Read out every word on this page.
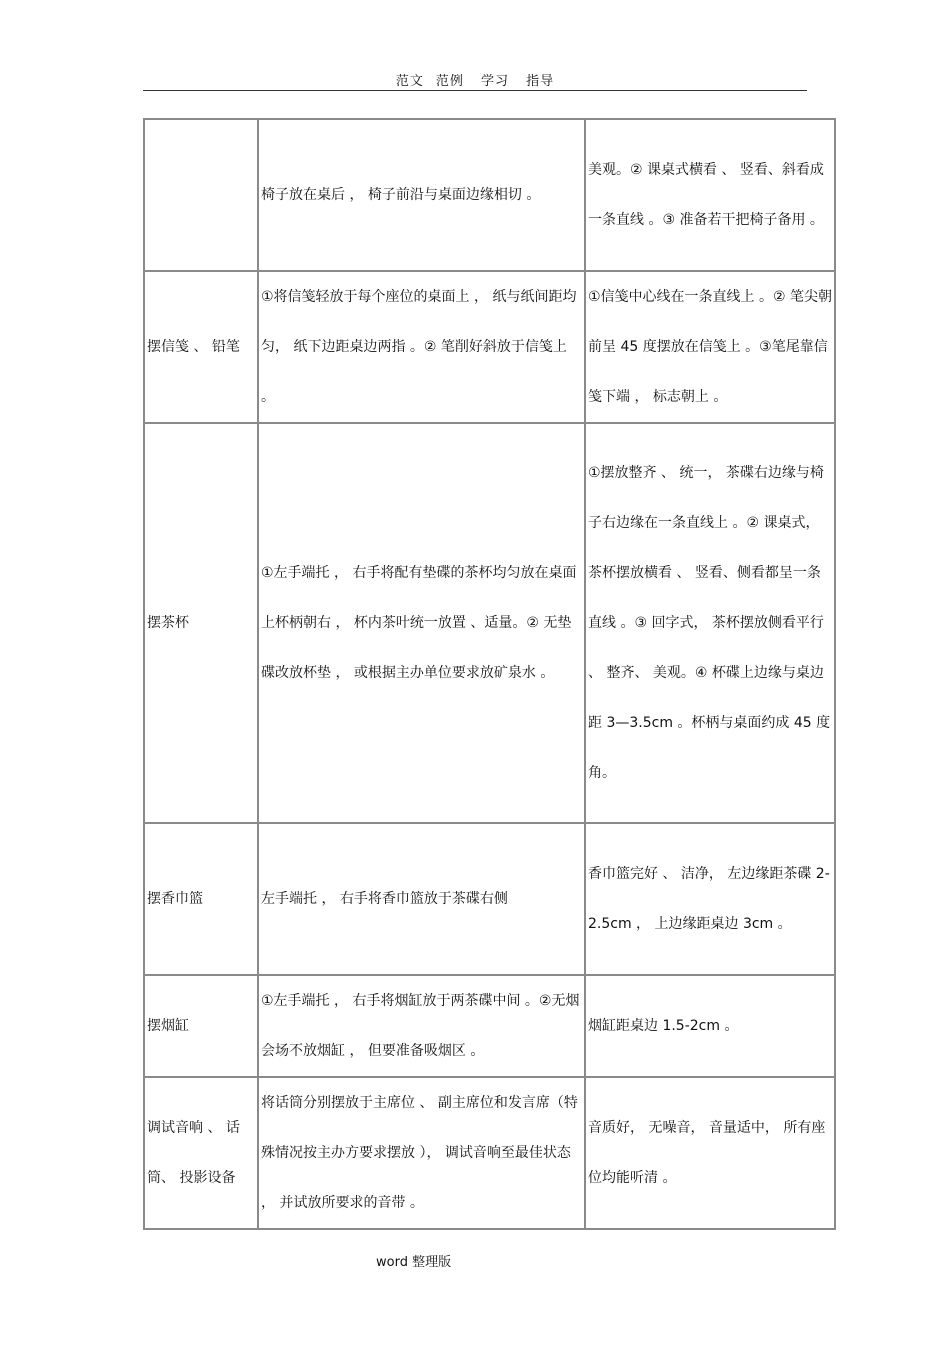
范文 范例 学习 指导
	椅子放在桌后 ， 椅子前沿与桌面边缘相切 。	美观。② 课桌式横看 、 竖看、斜看成一条直线 。③ 准备若干把椅子备用 。
摆信笺 、 铅笔	①将信笺轻放于每个座位的桌面上 ， 纸与纸间距均匀， 纸下边距桌边两指 。② 笔削好斜放于信笺上 。	①信笺中心线在一条直线上 。② 笔尖朝前呈 45 度摆放在信笺上 。③笔尾靠信笺下端 ， 标志朝上 。
摆茶杯	①左手端托 ， 右手将配有垫碟的茶杯均匀放在桌面上杯柄朝右 ， 杯内茶叶统一放置 、适量。② 无垫碟改放杯垫 ， 或根据主办单位要求放矿泉水 。	①摆放整齐 、 统一， 茶碟右边缘与椅子右边缘在一条直线上 。② 课桌式， 茶杯摆放横看 、 竖看、侧看都呈一条直线 。③ 回字式， 茶杯摆放侧看平行 、 整齐、 美观。④ 杯碟上边缘与桌边距 3—3.5cm 。杯柄与桌面约成 45 度角。
摆香巾篮	左手端托 ， 右手将香巾篮放于茶碟右侧	香巾篮完好 、 洁净， 左边缘距茶碟 2-2.5cm ， 上边缘距桌边 3cm 。
摆烟缸	①左手端托 ， 右手将烟缸放于两茶碟中间 。②无烟会场不放烟缸 ， 但要准备吸烟区 。	烟缸距桌边 1.5-2cm 。
调试音响 、 话筒、 投影设备	将话筒分别摆放于主席位 、 副主席位和发言席（特殊情况按主办方要求摆放 ）， 调试音响至最佳状态 ， 并试放所要求的音带 。	音质好， 无噪音， 音量适中， 所有座位均能听清 。
word 整理版
